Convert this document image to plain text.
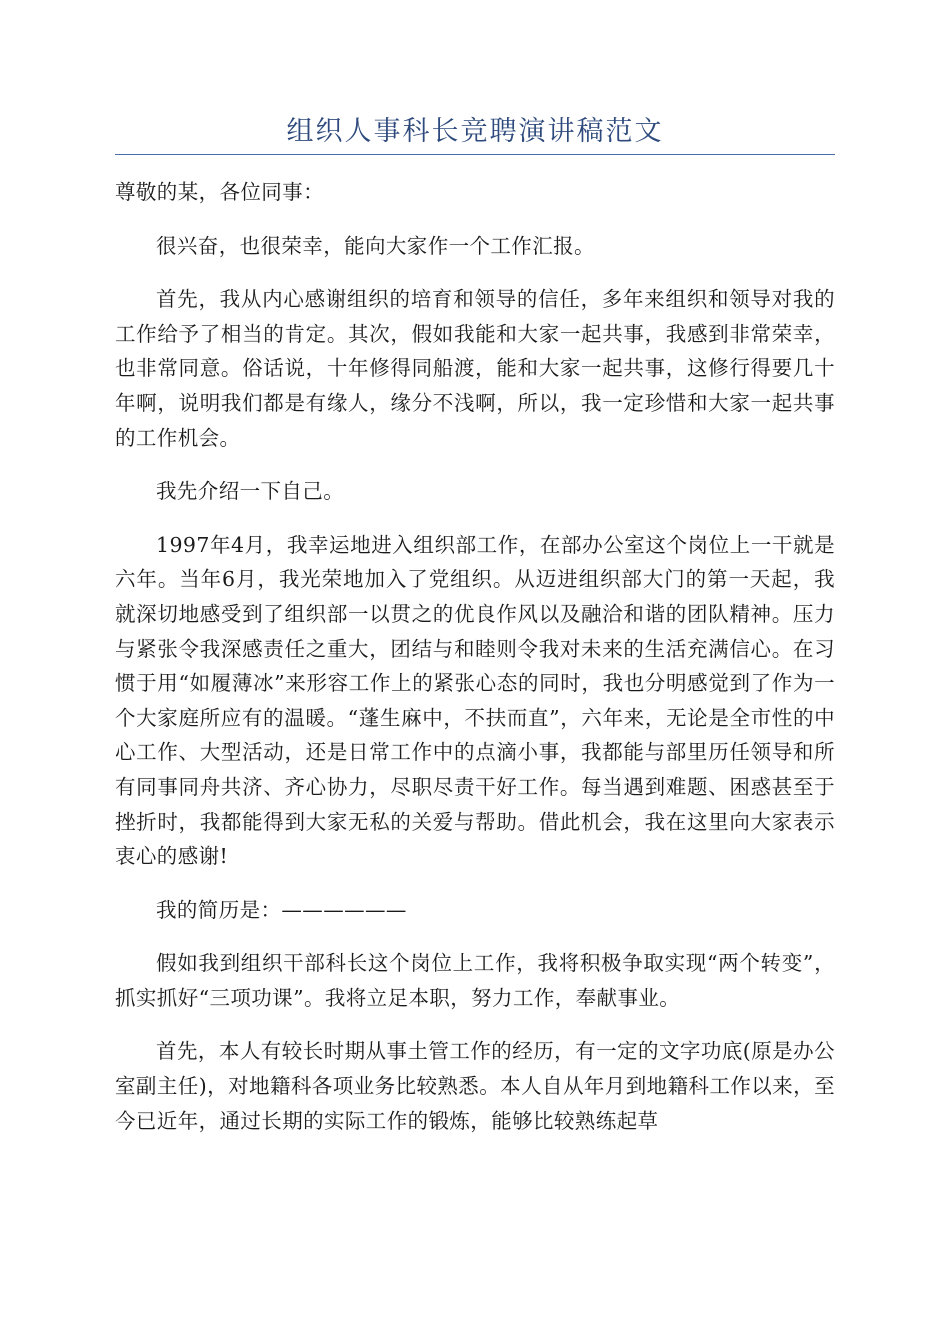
组织人事科长竞聘演讲稿范文

尊敬的某，各位同事：

很兴奋，也很荣幸，能向大家作一个工作汇报。

首先，我从内心感谢组织的培育和领导的信任，多年来组织和领导对我的工作给予了相当的肯定。其次，假如我能和大家一起共事，我感到非常荣幸，也非常同意。俗话说，十年修得同船渡，能和大家一起共事，这修行得要几十年啊，说明我们都是有缘人，缘分不浅啊，所以，我一定珍惜和大家一起共事的工作机会。

我先介绍一下自己。

1997年4月，我幸运地进入组织部工作，在部办公室这个岗位上一干就是六年。当年6月，我光荣地加入了党组织。从迈进组织部大门的第一天起，我就深切地感受到了组织部一以贯之的优良作风以及融洽和谐的团队精神。压力与紧张令我深感责任之重大，团结与和睦则令我对未来的生活充满信心。在习惯于用“如履薄冰”来形容工作上的紧张心态的同时，我也分明感觉到了作为一个大家庭所应有的温暖。“蓬生麻中，不扶而直”，六年来，无论是全市性的中心工作、大型活动，还是日常工作中的点滴小事，我都能与部里历任领导和所有同事同舟共济、齐心协力，尽职尽责干好工作。每当遇到难题、困惑甚至于挫折时，我都能得到大家无私的关爱与帮助。借此机会，我在这里向大家表示衷心的感谢!

我的简历是：——————

假如我到组织干部科长这个岗位上工作，我将积极争取实现“两个转变”，抓实抓好“三项功课”。我将立足本职，努力工作，奉献事业。

首先，本人有较长时期从事土管工作的经历，有一定的文字功底(原是办公室副主任)，对地籍科各项业务比较熟悉。本人自从年月到地籍科工作以来，至今已近年，通过长期的实际工作的锻炼，能够比较熟练起草
